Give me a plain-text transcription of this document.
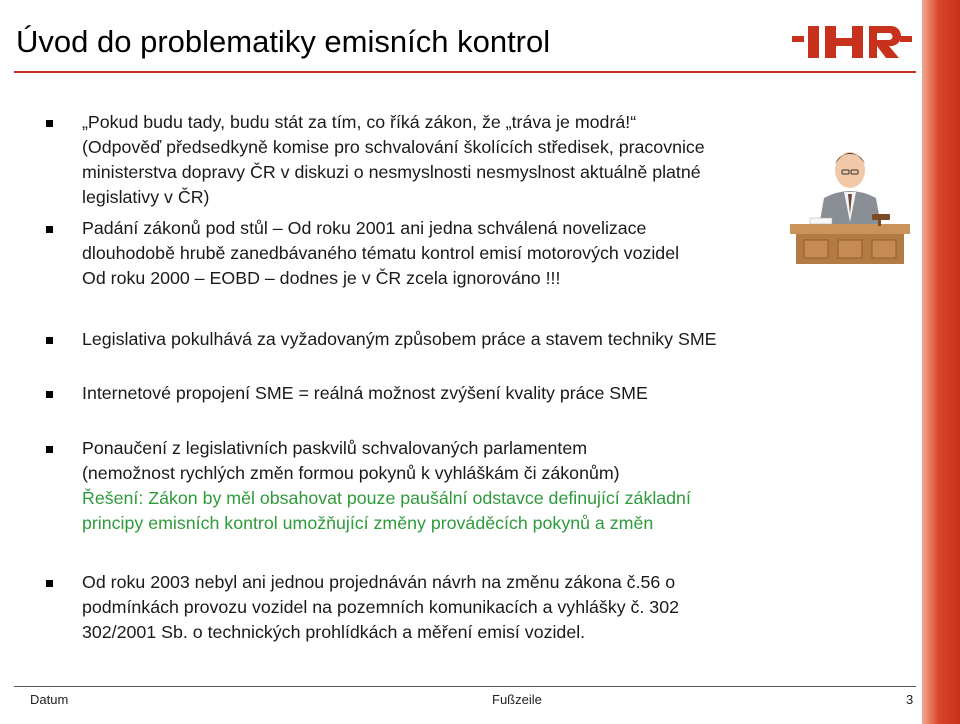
Úvod do problematiky emisních kontrol
„Pokud budu tady, budu stát za tím, co říká zákon, že „tráva je modrá!“
(Odpověď předsedkyně komise pro schvalování školících středisek, pracovnice
ministerstva dopravy ČR v diskuzi o nesmyslnosti nesmyslnost aktuálně platné
legislativy v ČR)
Padání zákonů pod stůl – Od roku 2001 ani jedna schválená novelizace
dlouhodobě hrubě zanedbávaného tématu kontrol emisí motorových vozidel
Od roku 2000 – EOBD – dodnes je v ČR zcela ignorováno !!!
Legislativa pokulhává za vyžadovaným způsobem práce a stavem techniky SME
Internetové propojení SME = reálná možnost zvýšení kvality práce SME
Ponaučení z legislativních paskvilů schvalovaných parlamentem
(nemožnost rychlých změn formou pokynů k vyhláškám či zákonům)
Řešení: Zákon by měl obsahovat pouze paušální odstavce definující základní
principy emisních kontrol umožňující změny prováděcích pokynů a změn
Od roku 2003 nebyl ani jednou projednáván návrh na změnu zákona č.56 o
podmínkách provozu vozidel na pozemních komunikacích a vyhlášky č. 302
302/2001 Sb. o technických prohlídkách a měření emisí vozidel.
Datum	Fußzeile	3
